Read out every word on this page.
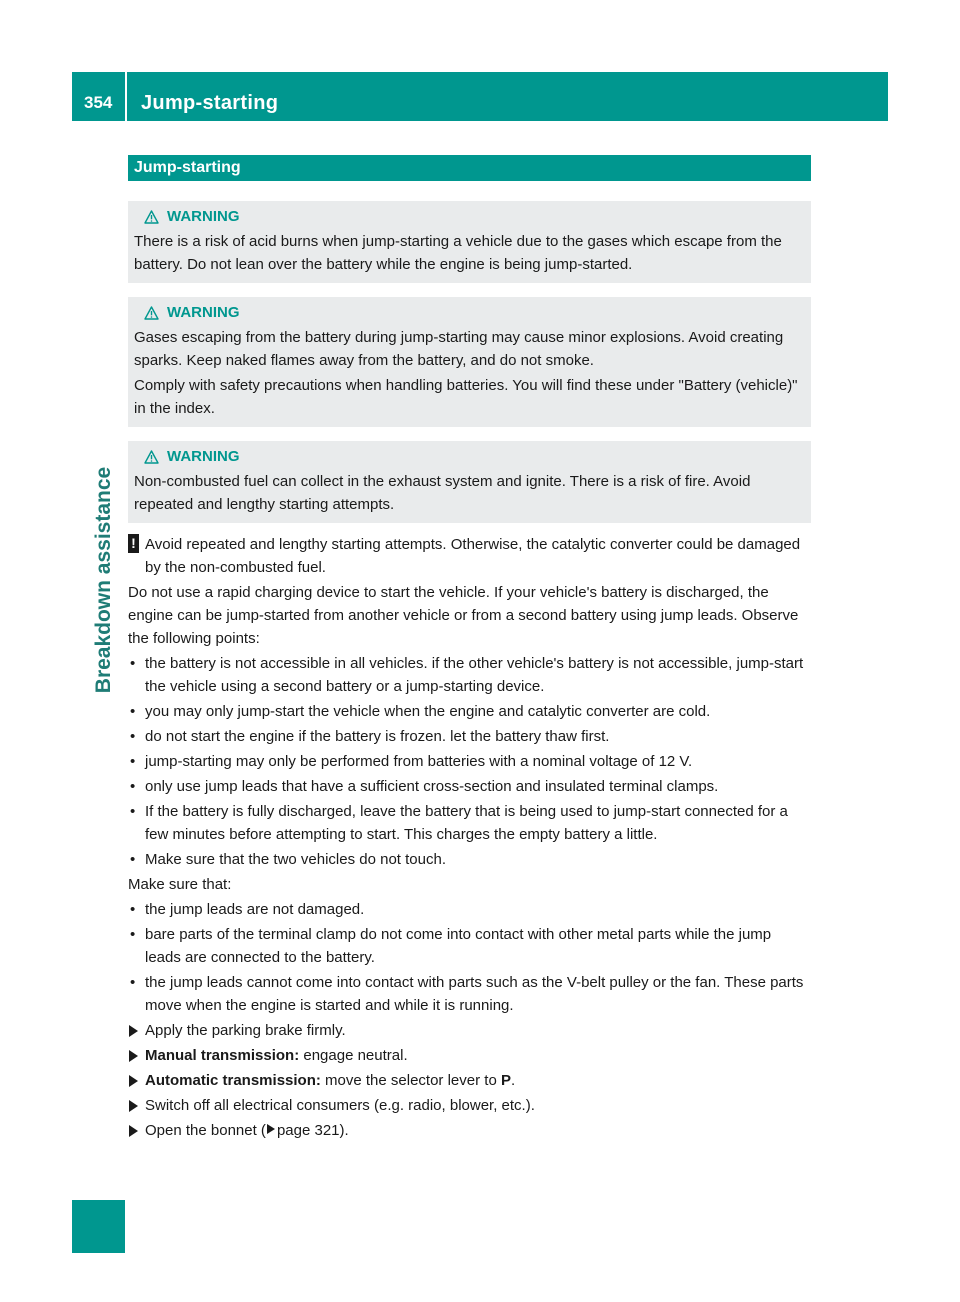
354	Jump-starting
Breakdown assistance
Jump-starting
WARNING

There is a risk of acid burns when jump-starting a vehicle due to the gases which escape from the battery. Do not lean over the battery while the engine is being jump-started.

WARNING

Gases escaping from the battery during jump-starting may cause minor explosions. Avoid creating sparks. Keep naked flames away from the battery, and do not smoke.

Comply with safety precautions when handling batteries. You will find these under "Battery (vehicle)" in the index.

WARNING

Non-combusted fuel can collect in the exhaust system and ignite. There is a risk of fire. Avoid repeated and lengthy starting attempts.

! Avoid repeated and lengthy starting attempts. Otherwise, the catalytic converter could be damaged by the non-combusted fuel.

Do not use a rapid charging device to start the vehicle. If your vehicle's battery is discharged, the engine can be jump-started from another vehicle or from a second battery using jump leads. Observe the following points:

• the battery is not accessible in all vehicles. if the other vehicle's battery is not accessible, jump-start the vehicle using a second battery or a jump-starting device.
• you may only jump-start the vehicle when the engine and catalytic converter are cold.
• do not start the engine if the battery is frozen. let the battery thaw first.
• jump-starting may only be performed from batteries with a nominal voltage of 12 V.
• only use jump leads that have a sufficient cross-section and insulated terminal clamps.
• If the battery is fully discharged, leave the battery that is being used to jump-start connected for a few minutes before attempting to start. This charges the empty battery a little.
• Make sure that the two vehicles do not touch.

Make sure that:

• the jump leads are not damaged.
• bare parts of the terminal clamp do not come into contact with other metal parts while the jump leads are connected to the battery.
• the jump leads cannot come into contact with parts such as the V-belt pulley or the fan. These parts move when the engine is started and while it is running.
Apply the parking brake firmly.
Manual transmission: engage neutral.
Automatic transmission: move the selector lever to P.
Switch off all electrical consumers (e.g. radio, blower, etc.).
Open the bonnet ( page 321).
